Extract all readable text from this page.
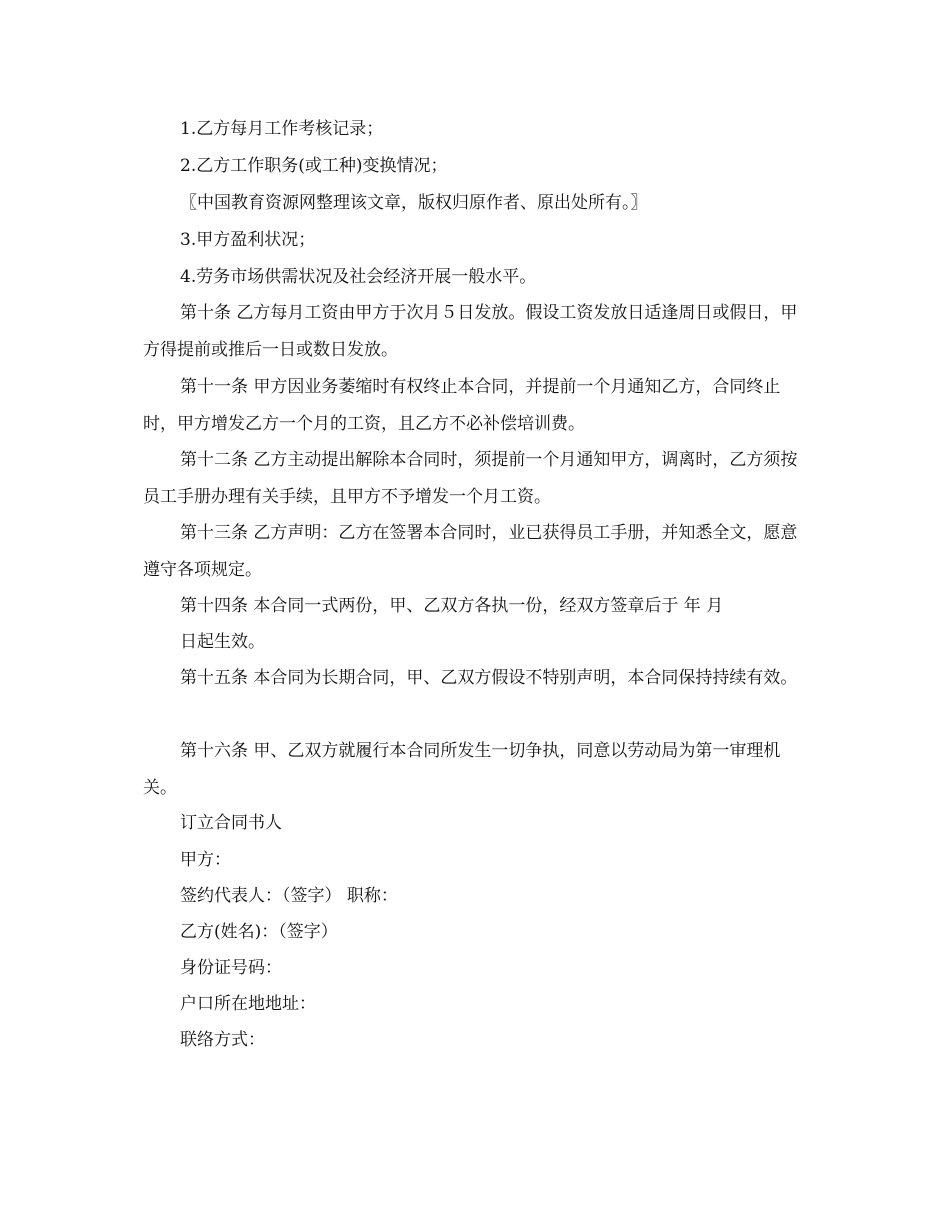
1.乙方每月工作考核记录；

2.乙方工作职务(或工种)变换情况；

〖中国教育资源网整理该文章，版权归原作者、原出处所有。〗

3.甲方盈利状况；

4.劳务市场供需状况及社会经济开展一般水平。

第十条 乙方每月工资由甲方于次月５日发放。假设工资发放日适逢周日或假日，甲方得提前或推后一日或数日发放。

第十一条 甲方因业务萎缩时有权终止本合同，并提前一个月通知乙方，合同终止时，甲方增发乙方一个月的工资，且乙方不必补偿培训费。

第十二条 乙方主动提出解除本合同时，须提前一个月通知甲方，调离时，乙方须按员工手册办理有关手续，且甲方不予增发一个月工资。

第十三条 乙方声明：乙方在签署本合同时，业已获得员工手册，并知悉全文，愿意遵守各项规定。

第十四条 本合同一式两份，甲、乙双方各执一份，经双方签章后于 年 月

日起生效。

第十五条 本合同为长期合同，甲、乙双方假设不特别声明，本合同保持持续有效。

第十六条 甲、乙双方就履行本合同所发生一切争执，同意以劳动局为第一审理机关。

订立合同书人

甲方：

签约代表人：（签字） 职称：

乙方(姓名)：（签字）

身份证号码：

户口所在地地址：

联络方式：
